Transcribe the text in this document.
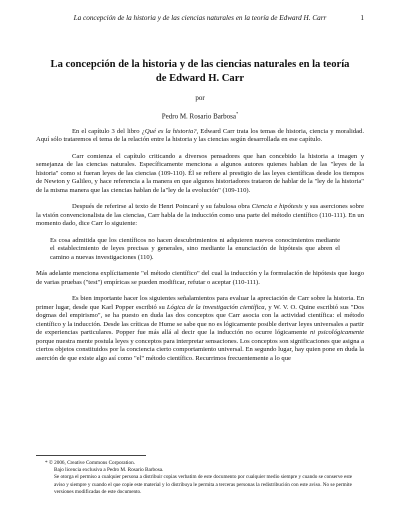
La concepción de la historia y de las ciencias naturales en la teoría de Edward H. Carr	1
La concepción de la historia y de las ciencias naturales en la teoría
de Edward H. Carr
por
Pedro M. Rosario Barbosa*

En el capítulo 3 del libro ¿Qué es la historia?, Edward Carr trata los temas de historia, ciencia y moralidad. Aquí sólo trataremos el tema de la relación entre la historia y las ciencias según desarrollada en ese capítulo.

Carr comienza el capítulo criticando a diversos pensadores que han concebido la historia a imagen y semejanza de las ciencias naturales. Específicamente menciona a algunos autores quienes hablan de las "leyes de la historia" como si fueran leyes de las ciencias (109-110). Él se refiere al prestigio de las leyes científicas desde los tiempos de Newton y Galileo, y hace referencia a la manera en que algunos historiadores trataron de hablar de la "ley de la historia" de la misma manera que las ciencias hablan de la"ley de la evolución" (109-110).

Después de referirse al texto de Henri Poincaré y su fabulosa obra Ciencia e hipótesis y sus aserciones sobre la visión convencionalista de las ciencias, Carr habla de la inducción como una parte del método científico (110-111). En un momento dado, dice Carr lo siguiente:

Es cosa admitida que los científicos no hacen descubrimientos ni adquieren nuevos conocimientos mediante el establecimiento de leyes precisas y generales, sino mediante la enunciación de hipótesis que abren el camino a nuevas investigaciones (110).

Más adelante menciona explícitamente "el método científico" del cual la inducción y la formulación de hipótesis que luego de varias pruebas ("test") empíricas se pueden modificar, refutar o aceptar (110-111).

Es bien importante hacer los siguientes señalamientos para evaluar la apreciación de Carr sobre la historia. En primer lugar, desde que Karl Popper escribió su Lógica de la investigación científica, y W. V. O. Quine escribió sus "Dos dogmas del empirismo", se ha puesto en duda las dos conceptos que Carr asocia con la actividad científica: el método científico y la inducción. Desde las críticas de Hume se sabe que no es lógicamente posible derivar leyes universales a partir de experiencias particulares. Popper fue más allá al decir que la inducción no ocurre lógicamente ni psicológicamente porque nuestra mente postula leyes y conceptos para interpretar sensaciones. Los conceptos son significaciones que asigna a ciertos objetos constituidos por la conciencia cierto comportamiento universal. En segundo lugar, hay quien pone en duda la aserción de que existe algo así como "el" método científico. Recurrimos frecuentemente a lo que

* © 2006, Creative Commons Corporation.
Bajo licencia exclusiva a Pedro M. Rosario Barbosa.
Se otorga el permiso a cualquier persona a distribuir copias verbatim de este documento por cualquier medio siempre y cuando se conserve este aviso y siempre y cuando el que copie este material y lo distribuya le permita a terceras personas la redistribución con este aviso. No se permite versiones modificadas de este documento.
